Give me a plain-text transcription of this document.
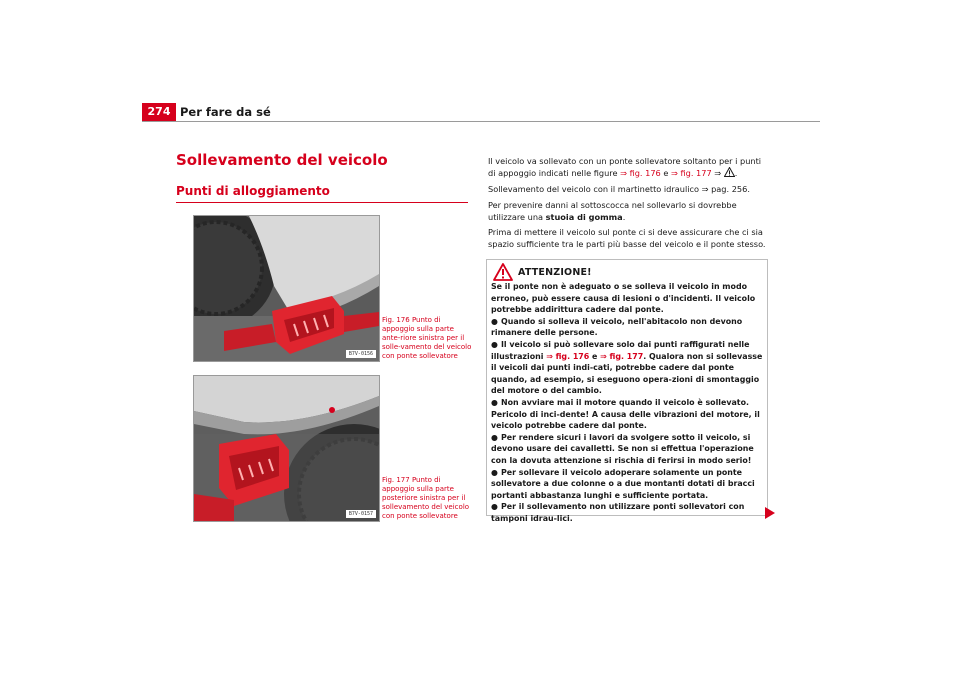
274 Per fare da sé
Sollevamento del veicolo
Punti di alloggiamento
B7V-0156
Fig. 176 Punto di appoggio sulla parte ante-riore sinistra per il solle-vamento del veicolo con ponte sollevatore
B7V-0157
Fig. 177 Punto di appoggio sulla parte posteriore sinistra per il sollevamento del veicolo con ponte sollevatore
Il veicolo va sollevato con un ponte sollevatore soltanto per i punti di appoggio indicati nelle figure ⇒ fig. 176 e ⇒ fig. 177 ⇒ .
Sollevamento del veicolo con il martinetto idraulico ⇒ pag. 256.
Per prevenire danni al sottoscocca nel sollevarlo si dovrebbe utilizzare una stuoia di gomma.
Prima di mettere il veicolo sul ponte ci si deve assicurare che ci sia spazio sufficiente tra le parti più basse del veicolo e il ponte stesso.
ATTENZIONE!

Se il ponte non è adeguato o se solleva il veicolo in modo erroneo, può essere causa di lesioni o d'incidenti. Il veicolo potrebbe addirittura cadere dal ponte.

● Quando si solleva il veicolo, nell'abitacolo non devono rimanere delle persone.

● Il veicolo si può sollevare solo dai punti raffigurati nelle illustrazioni ⇒ fig. 176 e ⇒ fig. 177. Qualora non si sollevasse il veicoli dai punti indi-cati, potrebbe cadere dal ponte quando, ad esempio, si eseguono opera-zioni di smontaggio del motore o del cambio.

● Non avviare mai il motore quando il veicolo è sollevato. Pericolo di inci-dente! A causa delle vibrazioni del motore, il veicolo potrebbe cadere dal ponte.

● Per rendere sicuri i lavori da svolgere sotto il veicolo, si devono usare dei cavalletti. Se non si effettua l'operazione con la dovuta attenzione si rischia di ferirsi in modo serio!

● Per sollevare il veicolo adoperare solamente un ponte sollevatore a due colonne o a due montanti dotati di bracci portanti abbastanza lunghi e sufficiente portata.

● Per il sollevamento non utilizzare ponti sollevatori con tamponi idrau-lici.
